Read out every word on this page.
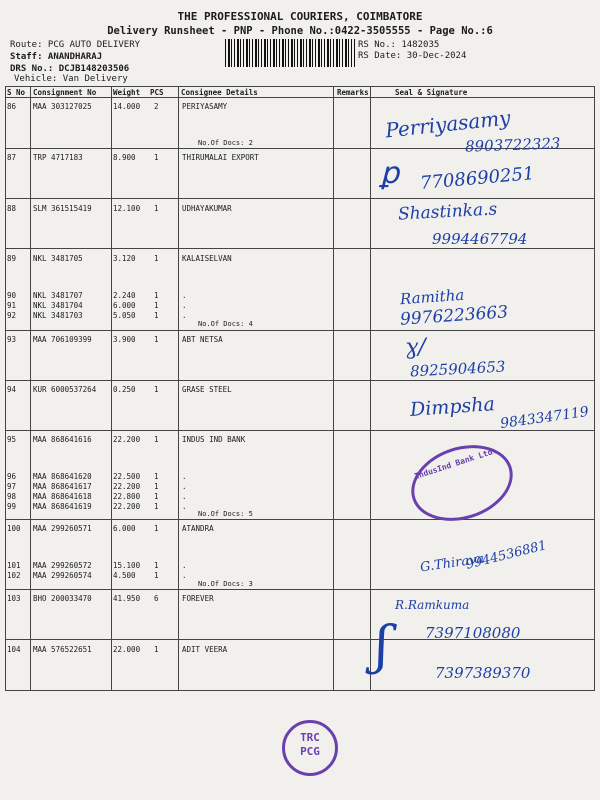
THE PROFESSIONAL COURIERS, COIMBATORE
Delivery Runsheet - PNP - Phone No.:0422-3505555 - Page No.:6
Route: PCG AUTO DELIVERY
Staff: ANANDHARAJ
DRS No.: DCJB148203506
Vehicle: Van Delivery
RS No.: 1482035
RS Date: 30-Dec-2024
S No Consignment No Weight PCS Consignee Details	Remarks	Seal & Signature
86 MAA 303127025	14.000 2	PERIYASAMY
No.Of Docs: 2
87 TRP 4717183	8.900 1	THIRUMALAI EXPORT
88 SLM 361515419	12.100 1	UDHAYAKUMAR
89 NKL 3481705	3.120 1	KALAISELVAN
90 NKL 3481707	2.240 1	.
91 NKL 3481704	6.000 1	.
92 NKL 3481703	5.050 1	.
No.Of Docs: 4
93 MAA 706109399	3.900 1	ABT NETSA
94 KUR 6000537264 0.250 1	GRASE STEEL
95 MAA 868641616	22.200 1	INDUS IND BANK
96 MAA 868641620	22.500 1	.
97 MAA 868641617	22.200 1	.
98 MAA 868641618	22.800 1	.
99 MAA 868641619	22.200 1	.
No.Of Docs: 5
100 MAA 299260571	6.000 1	ATANDRA
101 MAA 299260572	15.100 1	.
102 MAA 299260574	4.500 1	.
No.Of Docs: 3
103 BHO 200033470	41.950 6	FOREVER
104 MAA 576522651	22.000 1	ADIT VEERA
Perriyasamy
8903722323
ꝑ 7708690251
Shastinka.s
9994467794
Ramitha
9976223663
ɣ/
8925904653
Dimpsha 9843347119
G.Thirava
9944536881
R.Ramkuma
7397108080
7397389370
ʃ
IndusInd Bank Ltd.
TRC
PCG
